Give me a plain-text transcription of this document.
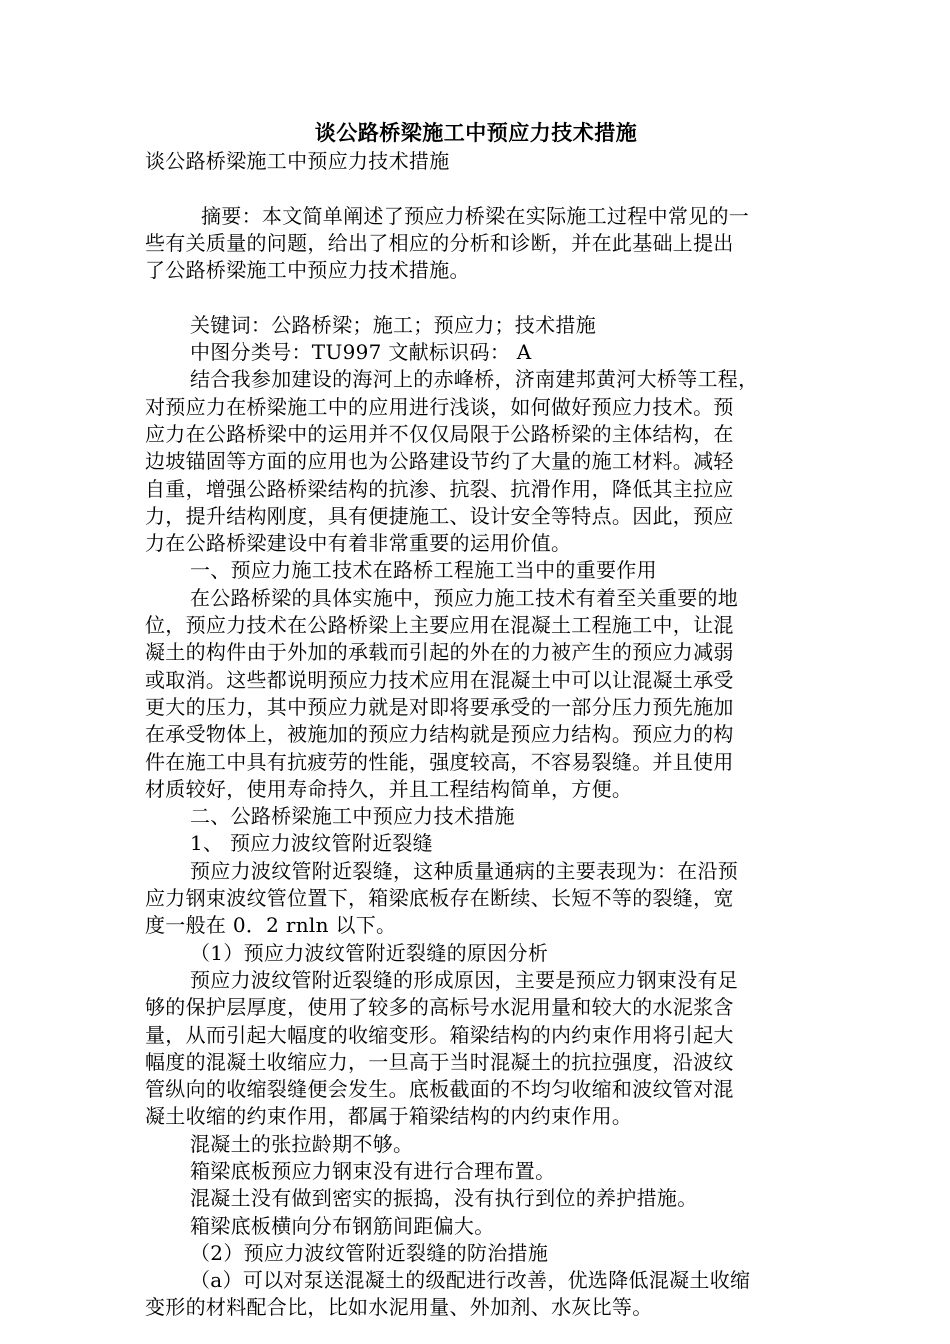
谈公路桥梁施工中预应力技术措施

谈公路桥梁施工中预应力技术措施

摘要：本文简单阐述了预应力桥梁在实际施工过程中常见的一

些有关质量的问题，给出了相应的分析和诊断，并在此基础上提出

了公路桥梁施工中预应力技术措施。

关键词：公路桥梁；施工；预应力；技术措施

中图分类号：TU997 文献标识码： A

结合我参加建设的海河上的赤峰桥，济南建邦黄河大桥等工程，

对预应力在桥梁施工中的应用进行浅谈，如何做好预应力技术。预

应力在公路桥梁中的运用并不仅仅局限于公路桥梁的主体结构，在

边坡锚固等方面的应用也为公路建设节约了大量的施工材料。减轻

自重，增强公路桥梁结构的抗渗、抗裂、抗滑作用，降低其主拉应

力，提升结构刚度，具有便捷施工、设计安全等特点。因此，预应

力在公路桥梁建设中有着非常重要的运用价值。

一、预应力施工技术在路桥工程施工当中的重要作用

在公路桥梁的具体实施中，预应力施工技术有着至关重要的地

位，预应力技术在公路桥梁上主要应用在混凝土工程施工中，让混

凝土的构件由于外加的承载而引起的外在的力被产生的预应力减弱

或取消。这些都说明预应力技术应用在混凝土中可以让混凝土承受

更大的压力，其中预应力就是对即将要承受的一部分压力预先施加

在承受物体上，被施加的预应力结构就是预应力结构。预应力的构

件在施工中具有抗疲劳的性能，强度较高，不容易裂缝。并且使用

材质较好，使用寿命持久，并且工程结构简单，方便。

二、公路桥梁施工中预应力技术措施

1、 预应力波纹管附近裂缝

预应力波纹管附近裂缝，这种质量通病的主要表现为：在沿预

应力钢束波纹管位置下，箱梁底板存在断续、长短不等的裂缝，宽

度一般在 0．2 rnln 以下。

（1）预应力波纹管附近裂缝的原因分析

预应力波纹管附近裂缝的形成原因，主要是预应力钢束没有足

够的保护层厚度，使用了较多的高标号水泥用量和较大的水泥浆含

量，从而引起大幅度的收缩变形。箱梁结构的内约束作用将引起大

幅度的混凝土收缩应力，一旦高于当时混凝土的抗拉强度，沿波纹

管纵向的收缩裂缝便会发生。底板截面的不均匀收缩和波纹管对混

凝土收缩的约束作用，都属于箱梁结构的内约束作用。

混凝土的张拉龄期不够。

箱梁底板预应力钢束没有进行合理布置。

混凝土没有做到密实的振捣，没有执行到位的养护措施。

箱梁底板横向分布钢筋间距偏大。

（2）预应力波纹管附近裂缝的防治措施

（a）可以对泵送混凝土的级配进行改善，优选降低混凝土收缩

变形的材料配合比，比如水泥用量、外加剂、水灰比等。
